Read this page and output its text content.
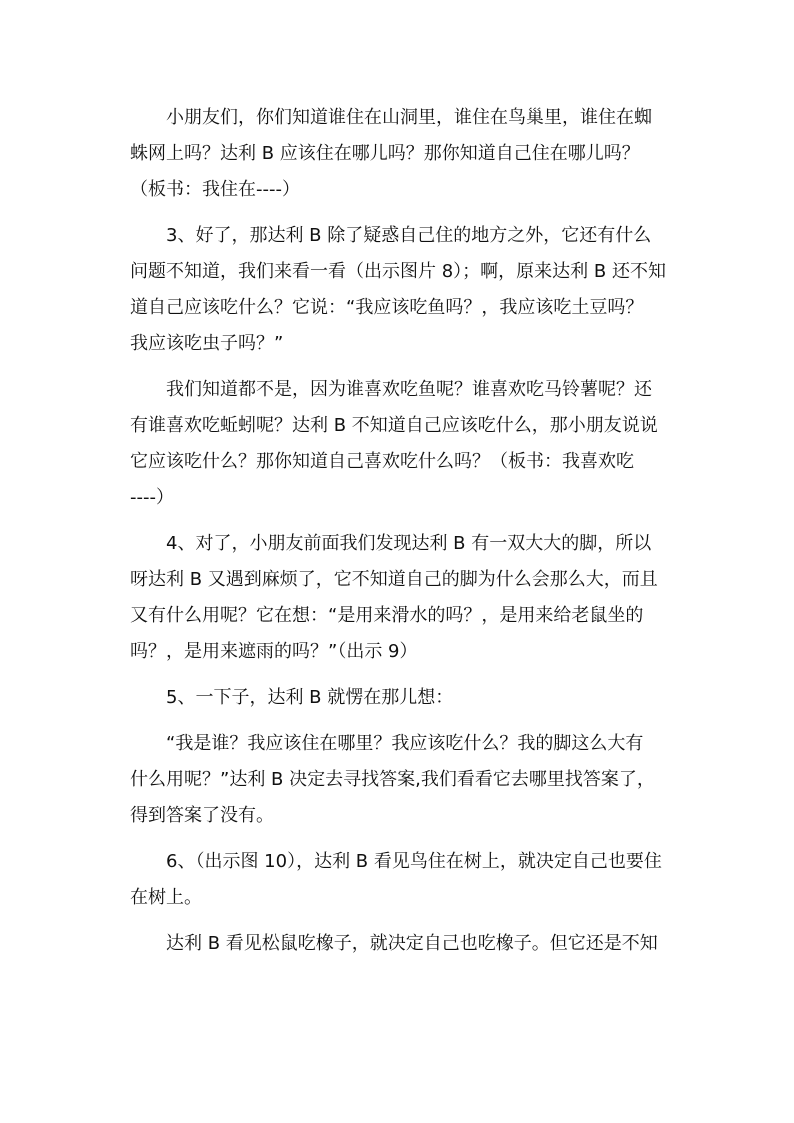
小朋友们，你们知道谁住在山洞里，谁住在鸟巢里，谁住在蜘
蛛网上吗？达利 B 应该住在哪儿吗？那你知道自己住在哪儿吗？
（板书：我住在----）
3、好了，那达利 B 除了疑惑自己住的地方之外，它还有什么
问题不知道，我们来看一看（出示图片 8）；啊，原来达利 B 还不知
道自己应该吃什么？它说：“我应该吃鱼吗？，我应该吃土豆吗？
我应该吃虫子吗？”
我们知道都不是，因为谁喜欢吃鱼呢？谁喜欢吃马铃薯呢？还
有谁喜欢吃蚯蚓呢？达利 B 不知道自己应该吃什么，那小朋友说说
它应该吃什么？那你知道自己喜欢吃什么吗？（板书：我喜欢吃
----）
4、对了，小朋友前面我们发现达利 B 有一双大大的脚，所以
呀达利 B 又遇到麻烦了，它不知道自己的脚为什么会那么大，而且
又有什么用呢？它在想：“是用来滑水的吗？，是用来给老鼠坐的
吗？，是用来遮雨的吗？”（出示 9）
5、一下子，达利 B 就愣在那儿想：
“我是谁？我应该住在哪里？我应该吃什么？我的脚这么大有
什么用呢？”达利 B 决定去寻找答案,我们看看它去哪里找答案了，
得到答案了没有。
6、（出示图 10），达利 B 看见鸟住在树上，就决定自己也要住
在树上。
达利 B 看见松鼠吃橡子，就决定自己也吃橡子。但它还是不知
